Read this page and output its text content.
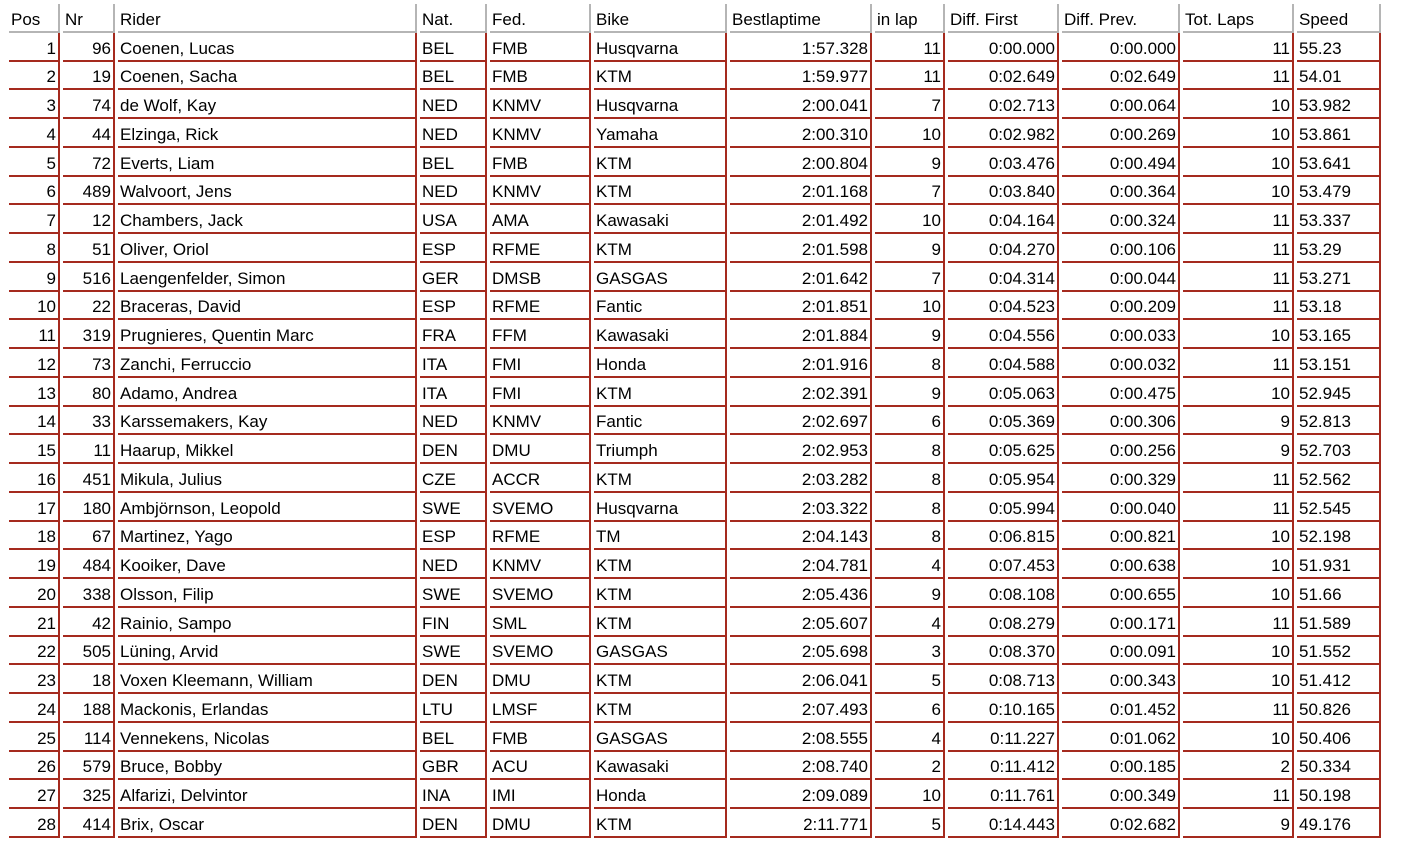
Pos	Nr	Rider	Nat.	Fed.	Bike	Bestlaptime	in lap	Diff. First	Diff. Prev.	Tot. Laps	Speed
1	96	Coenen, Lucas	BEL	FMB	Husqvarna	1:57.328	11	0:00.000	0:00.000	11	55.23
2	19	Coenen, Sacha	BEL	FMB	KTM	1:59.977	11	0:02.649	0:02.649	11	54.01
3	74	de Wolf, Kay	NED	KNMV	Husqvarna	2:00.041	7	0:02.713	0:00.064	10	53.982
4	44	Elzinga, Rick	NED	KNMV	Yamaha	2:00.310	10	0:02.982	0:00.269	10	53.861
5	72	Everts, Liam	BEL	FMB	KTM	2:00.804	9	0:03.476	0:00.494	10	53.641
6	489	Walvoort, Jens	NED	KNMV	KTM	2:01.168	7	0:03.840	0:00.364	10	53.479
7	12	Chambers, Jack	USA	AMA	Kawasaki	2:01.492	10	0:04.164	0:00.324	11	53.337
8	51	Oliver, Oriol	ESP	RFME	KTM	2:01.598	9	0:04.270	0:00.106	11	53.29
9	516	Laengenfelder, Simon	GER	DMSB	GASGAS	2:01.642	7	0:04.314	0:00.044	11	53.271
10	22	Braceras, David	ESP	RFME	Fantic	2:01.851	10	0:04.523	0:00.209	11	53.18
11	319	Prugnieres, Quentin Marc	FRA	FFM	Kawasaki	2:01.884	9	0:04.556	0:00.033	10	53.165
12	73	Zanchi, Ferruccio	ITA	FMI	Honda	2:01.916	8	0:04.588	0:00.032	11	53.151
13	80	Adamo, Andrea	ITA	FMI	KTM	2:02.391	9	0:05.063	0:00.475	10	52.945
14	33	Karssemakers, Kay	NED	KNMV	Fantic	2:02.697	6	0:05.369	0:00.306	9	52.813
15	11	Haarup, Mikkel	DEN	DMU	Triumph	2:02.953	8	0:05.625	0:00.256	9	52.703
16	451	Mikula, Julius	CZE	ACCR	KTM	2:03.282	8	0:05.954	0:00.329	11	52.562
17	180	Ambjörnson, Leopold	SWE	SVEMO	Husqvarna	2:03.322	8	0:05.994	0:00.040	11	52.545
18	67	Martinez, Yago	ESP	RFME	TM	2:04.143	8	0:06.815	0:00.821	10	52.198
19	484	Kooiker, Dave	NED	KNMV	KTM	2:04.781	4	0:07.453	0:00.638	10	51.931
20	338	Olsson, Filip	SWE	SVEMO	KTM	2:05.436	9	0:08.108	0:00.655	10	51.66
21	42	Rainio, Sampo	FIN	SML	KTM	2:05.607	4	0:08.279	0:00.171	11	51.589
22	505	Lüning, Arvid	SWE	SVEMO	GASGAS	2:05.698	3	0:08.370	0:00.091	10	51.552
23	18	Voxen Kleemann, William	DEN	DMU	KTM	2:06.041	5	0:08.713	0:00.343	10	51.412
24	188	Mackonis, Erlandas	LTU	LMSF	KTM	2:07.493	6	0:10.165	0:01.452	11	50.826
25	114	Vennekens, Nicolas	BEL	FMB	GASGAS	2:08.555	4	0:11.227	0:01.062	10	50.406
26	579	Bruce, Bobby	GBR	ACU	Kawasaki	2:08.740	2	0:11.412	0:00.185	2	50.334
27	325	Alfarizi, Delvintor	INA	IMI	Honda	2:09.089	10	0:11.761	0:00.349	11	50.198
28	414	Brix, Oscar	DEN	DMU	KTM	2:11.771	5	0:14.443	0:02.682	9	49.176
